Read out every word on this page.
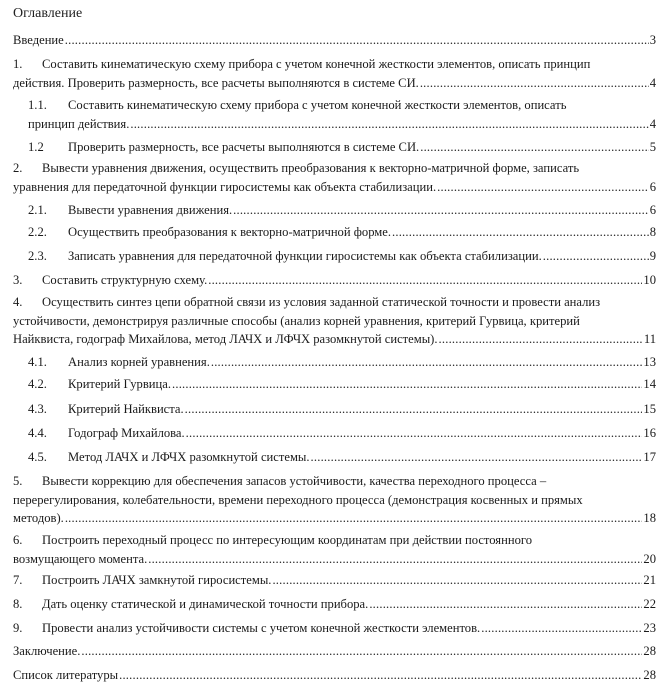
Оглавление
Введение .....	3
1.	Составить кинематическую схему прибора с учетом конечной жесткости элементов, описать принцип
действия. Проверить размерность, все расчеты выполняются в системе СИ. .....	4
1.1.	Составить кинематическую схему прибора с учетом конечной жесткости элементов, описать
принцип действия. .....	4
1.2	Проверить размерность, все расчеты выполняются в системе СИ. .....	5
2.	Вывести уравнения движения, осуществить преобразования к векторно-матричной форме, записать
уравнения для передаточной функции гиросистемы как объекта стабилизации. .....	6
2.1.	Вывести уравнения движения. .....	6
2.2.	Осуществить преобразования к векторно-матричной форме. .....	8
2.3.	Записать уравнения для передаточной функции гиросистемы как объекта стабилизации. .....	9
3.	Составить структурную схему. .....	10
4.	Осуществить синтез цепи обратной связи из условия заданной статической точности и провести анализ
устойчивости, демонстрируя различные способы (анализ корней уравнения, критерий Гурвица, критерий
Найквиста, годограф Михайлова, метод ЛАЧХ и ЛФЧХ разомкнутой системы). .....	11
4.1.	Анализ корней уравнения. .....	13
4.2.	Критерий Гурвица. .....	14
4.3.	Критерий Найквиста. .....	15
4.4.	Годограф Михайлова. .....	16
4.5.	Метод ЛАЧХ и ЛФЧХ разомкнутой системы. .....	17
5.	Вывести коррекцию для обеспечения запасов устойчивости, качества переходного процесса –
перерегулирования, колебательности, времени переходного процесса (демонстрация косвенных и прямых
методов). .....	18
6.	Построить переходный процесс по интересующим координатам при действии постоянного
возмущающего момента. .....	20
7.	Построить ЛАЧХ замкнутой гиросистемы. .....	21
8.	Дать оценку статической и динамической точности прибора. .....	22
9.	Провести анализ устойчивости системы с учетом конечной жесткости элементов. .....	23
Заключение. .....	28
Список литературы .....	28
